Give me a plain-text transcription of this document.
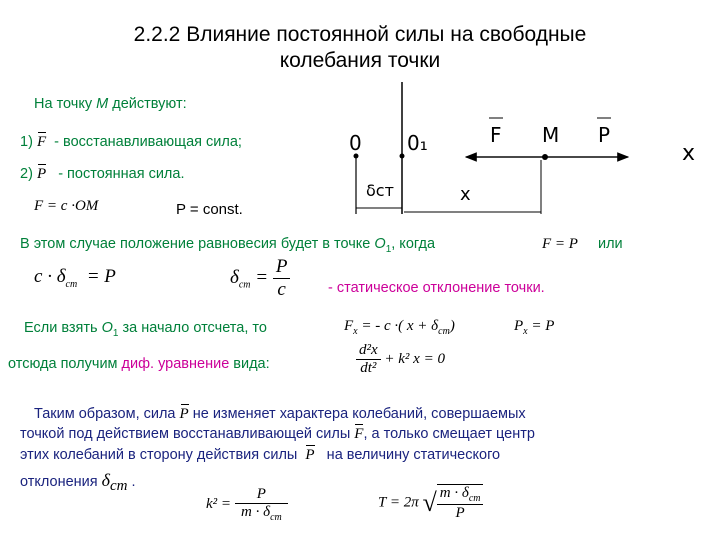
2.2.2 Влияние постоянной силы на свободные
колебания точки
На точку М действуют:
1) F - восстанавливающая сила;
2) P - постоянная сила.
F = c ·OM	P = const.
В этом случае положение равновесия будет в точке $O_1$, когда	F = P или
$c \cdot \delta_{ст} = P$	$\delta_{ст} = \frac{P}{c}$	- статическое отклонение точки.
Если взять $O_1$ за начало отсчета, то	$F_x$ = - c ·( $x + \delta_{ст}$)	$P_x = P$
отсюда получим диф. уравнение вида:	$\frac{\text{d²x}}{\text{dt²}} + k^2$ x = 0
Таким образом, сила P не изменяет характера колебаний, совершаемых
точкой под действием восстанавливающей силы F, а только смещает центр
этих колебаний в сторону действия силы  P   на величину статического
отклонения $\delta_{ст}$ .
$k^2 = \frac{P}{m \cdot \delta_{ст}}$	T = 2π √ $\frac{m \cdot \delta_{ст}}{P}$
0 0₁
δст
F M P
x
x
